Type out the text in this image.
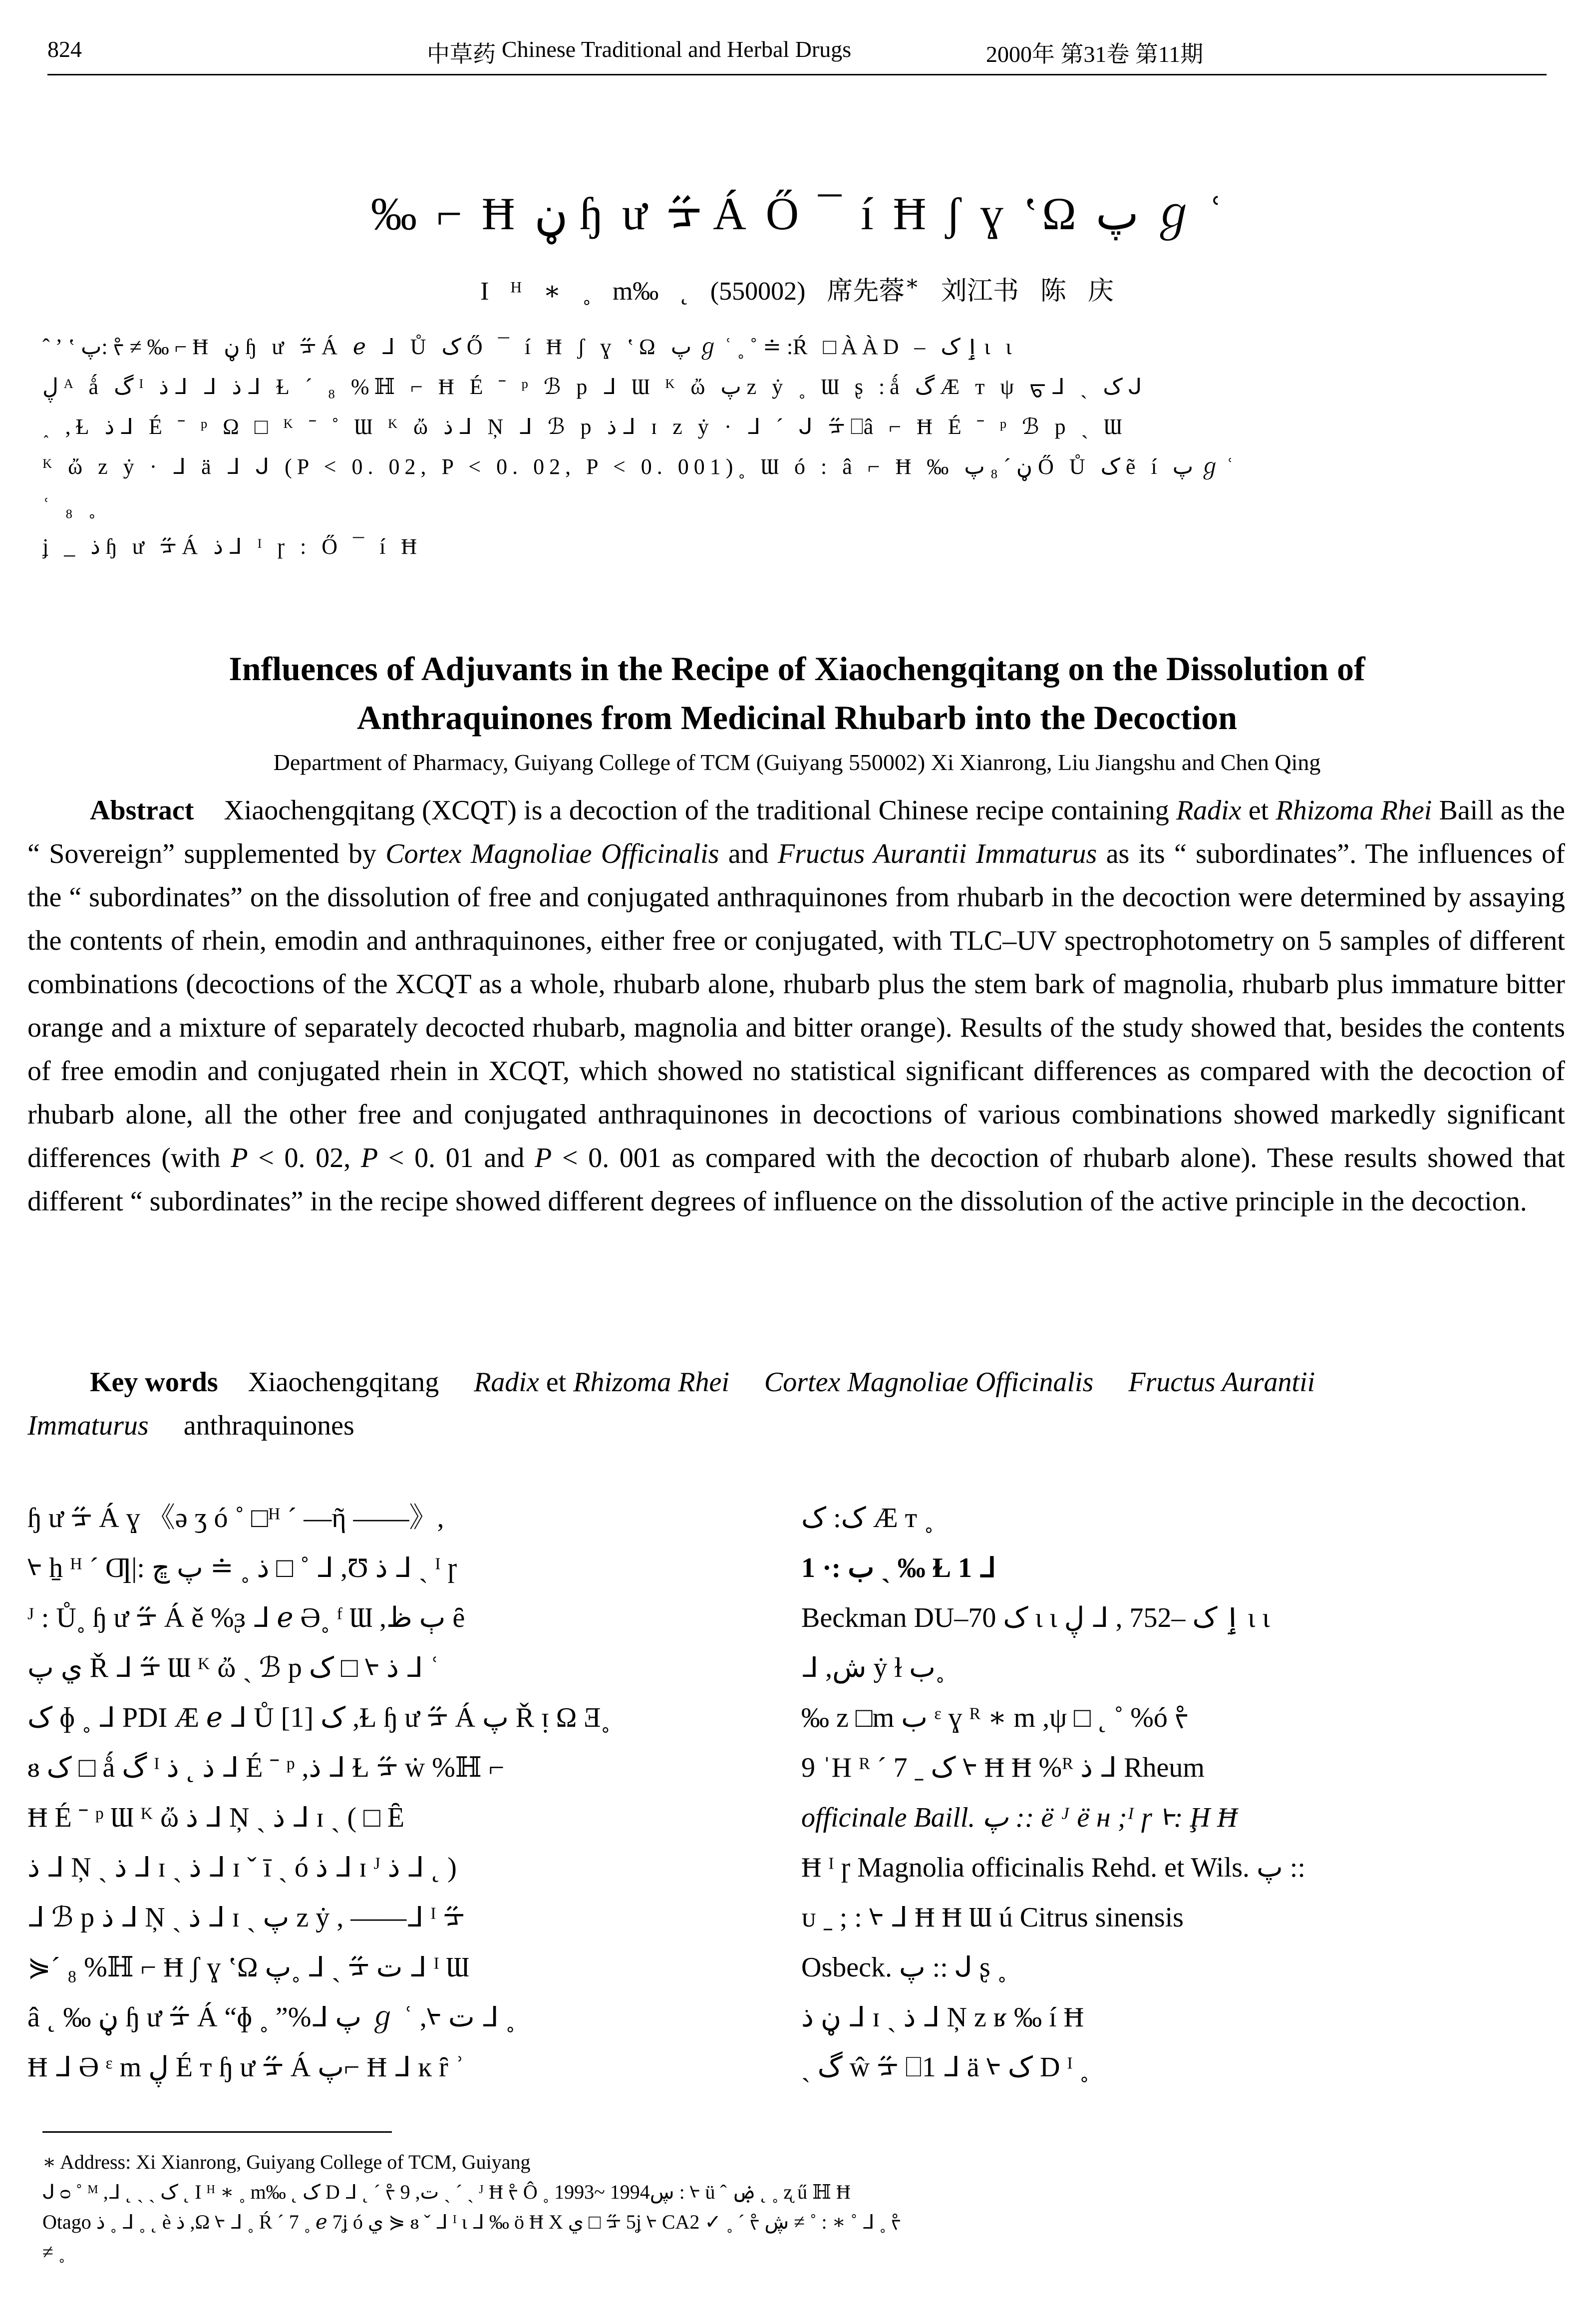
824	中草药 Chinese Traditional and Herbal Drugs	2000年 第31卷 第11期
‰ ⌐ Ħ ڼ ɧ ư ᡸ Á Ő ¯ í Ħ ʃ ɣ ʽΩ پ ℊ ʿ
I ᴴ ∗ ˳ m‰ ˛ (550002) 席先蓉∗ 刘江书 陈 庆
ˆ ʼ ʽ پ: ᡷ ≠ ‰ ⌐ Ħ ڼ ɧ ư ᡸ Á ℯ ᒧ Ů ک Ő ¯ í Ħ ʃ ɣ ʽΩ پ ℊ ʿ ˳ ˚ ≐ :Ŕ □ÀÀD – ٳ ک ɩ ɩ
ڸ ᴬ ǻ گ ᴵ ذ ᒧ ᒧ ذ ᒧ Ɫ ˊ ₈ %ℍ ⌐ Ħ É ˉ ᵖ ℬ p ᒧ Ɯ ᴷ ὤ پ z ẏ ˳ Ɯ ʂ :ǻ گ Æ ᴛ ψ ᠳ ᒧ ˏ ک ᒍ
˰ ,Ɫ ذ ᒧ É ˉ ᵖ Ω □ ᴷ ˉ ˚ Ɯ ᴷ ὤ ذ ᒧ Ņ ᒧ ℬ p ذ ᒧ ɪ z ẏ · ᒧ ˊ ᒍ ᡸ ⎕â ⌐ Ħ É ˉ ᵖ ℬ p ˎ Ɯ
ᴷ ὤ z ẏ · ᒧ ä ᒧ ᒍ (P < 0. 02, P < 0. 02, P < 0. 001)˳ Ɯ ó : â ⌐ Ħ ‰ ڼ ˊ ₈ پ Ő Ů ک ẽ í پ ℊ ʿ
ʿ ₈ ˳
ʝ _ ذ ɧ ư ᡸ Á ذ ᒧ ᴵ ɼ : Ő ¯ í Ħ
Influences of Adjuvants in the Recipe of Xiaochengqitang on the Dissolution of
Anthraquinones from Medicinal Rhubarb into the Decoction
Department of Pharmacy, Guiyang College of TCM (Guiyang 550002) Xi Xianrong, Liu Jiangshu and Chen Qing
Abstract Xiaochengqitang (XCQT) is a decoction of the traditional Chinese recipe containing Radix et Rhizoma Rhei Baill as the “ Sovereign” supplemented by Cortex Magnoliae Officinalis and Fructus Aurantii Immaturus as its “ subordinates”. The influences of the “ subordinates” on the dissolution of free and conjugated anthraquinones from rhubarb in the decoction were determined by assaying the contents of rhein, emodin and anthraquinones, either free or conjugated, with TLC–UV spectrophotometry on 5 samples of different combinations (decoctions of the XCQT as a whole, rhubarb alone, rhubarb plus the stem bark of magnolia, rhubarb plus immature bitter orange and a mixture of separately decocted rhubarb, magnolia and bitter orange). Results of the study showed that, besides the contents of free emodin and conjugated rhein in XCQT, which showed no statistical significant differences as compared with the decoction of rhubarb alone, all the other free and conjugated anthraquinones in decoctions of various combinations showed markedly significant differences (with P < 0. 02, P < 0. 01 and P < 0. 001 as compared with the decoction of rhubarb alone). These results showed that different “ subordinates” in the recipe showed different degrees of influence on the dissolution of the active principle in the decoction.
Key words Xiaochengqitang Radix et Rhizoma Rhei Cortex Magnoliae Officinalis Fructus Aurantii Immaturus anthraquinones
ɧ ư ᡸ Á ɣ 《ə ʒ ó ˚ □ᴴ ˊ —ῆ ——》,
ᢣ ẖ ᴴ ˊ Ƣ|: ذ ˳ ≐ پ ڇ □ ˚ ᒧ ,Ʊ ذ ᒧ ˎ ᴵ ɼ
ᴶ : Ů˳ ɧ ư ᡸ Á ě %ᶔ ᒧ ℯ Ə˳ ᶠ Ɯ ,ٻ ظ ȇ
ي پ Ř ᒧ ᡸ Ɯ ᴷ ὤ ˎ ℬ p ک □ ᢣ ذ ᒧ ʿ
ک ɸ ˳ ᒧ PDI Æ ℯ ᒧ Ů ک [1] ,Ɫ ɧ ư ᡸ Á پ Ř ᴉ Ω Ǝ˳
ᴕ ک □ ǻ گ ᴵ ذ ˛ ذ ᒧ É ˉ ᵖ ,ذ ᒧ Ɫ ᡸ ẇ %ℍ ⌐
Ħ É ˉ ᵖ Ɯ ᴷ ὤ ذ ᒧ Ņ ˎ ذ ᒧ ɪ ˎ ( □ Ȇ
ذ ᒧ Ņ ˎ ذ ᒧ ɪ ˎ ذ ᒧ ɪ ˇ ī ˎ ó ذ ᒧ ɪ ᴶ ذ ᒧ ˛ )
ᒧ ℬ p ذ ᒧ Ņ ˎ ذ ᒧ ɪ ˎ پ z ẏ , ——ᒧ ᴵ ᡸ
⋟ˊ ₈ %ℍ ⌐ Ħ ʃ ɣ ʽΩ پ˳ ᒧ ˏ ᡸ ت ᒧ ᴵ Ɯ
â ˛ ‰ ڼ ɧ ư ᡸ Á “ɸ ˳ ”%ᒧ پ ℊ ʿ ,ᢣ ت ᒧ ˳
Ħ ᒧ Ə ᵋ m ڸ É ᴛ ɧ ư ᡸ Á پ⌐ Ħ ᒧ ĸ ȓ ʾ
ک: ک Æ ᴛ ˳
1 ·: ب ˎ ‰ Ɫ 1 ᒧ
Beckman DU–70 ک ɩ ɩ ڸ ᒧ , 752– ٳ ک ɩ ɩ
ᒧ ,ش ẏ ɫ ب˳
‰ z □m ب ᵋ ɣ ᴿ ∗ m ,ψ □ ˛ ˚ %ó ᡷ
9 ˈH ᴿ ˊ 7 ˍ ک ᢣ Ħ Ħ %ᴿ ذ ᒧ Rheum
officinale Baill. پ :: ë ᴶ ë ʜ ;ᴵ ɼ ᢣ: Ḩ Ħ
Ħ ᴵ ɼ Magnolia officinalis Rehd. et Wils. پ ::
ᴜ ˍ ; : ᢣ ᒧ Ħ Ħ Ɯ ú Citrus sinensis
Osbeck. پ :: ᒍ ʂ ˳
ڼ ذ ᒧ ɪ ˎ ذ ᒧ Ņ z ʁ ‰ í Ħ
ˏ گ ŵ ᡸ ⎕1 ᒧ ä ᢣ ک D ᴵ ˳
∗ Address: Xi Xianrong, Guiyang College of TCM, Guiyang
ᒍ ᴑ ˚ ᴹ ,ᒧ ˛ ˏ ˏ ک ˛ I ᴴ ∗ ˳ m‰ ˛ ک D ᒧ ˛ ˊ ᡷ 9 ,ت ˏ ˊ ˏ ᴶ Ħ ᡷ Ô ˳ 1993~ 1994ڛ : ᢣ ü ˆ ۻ ˛ ˳ ʐ ű ℍ Ħ
Otago ذ ˳ ᒧ ˳ ˛ è ذ ,Ω ᢣ ᒧ ˳ Ŕ ˊ 7 ˳ ℯ 7ʝ ó ي ⋟ ᴕ ˇ ᒧ ᴵ ɩ ᒧ ‰ ö Ħ Χ ي □ ᡸ 5ʝ ᢣ CA2 ✓ ˳ ˊ ᡷ ڜ ≠ ˚ : ∗ ˚ ᒧ ˳ ᡷ
≠ ˳
